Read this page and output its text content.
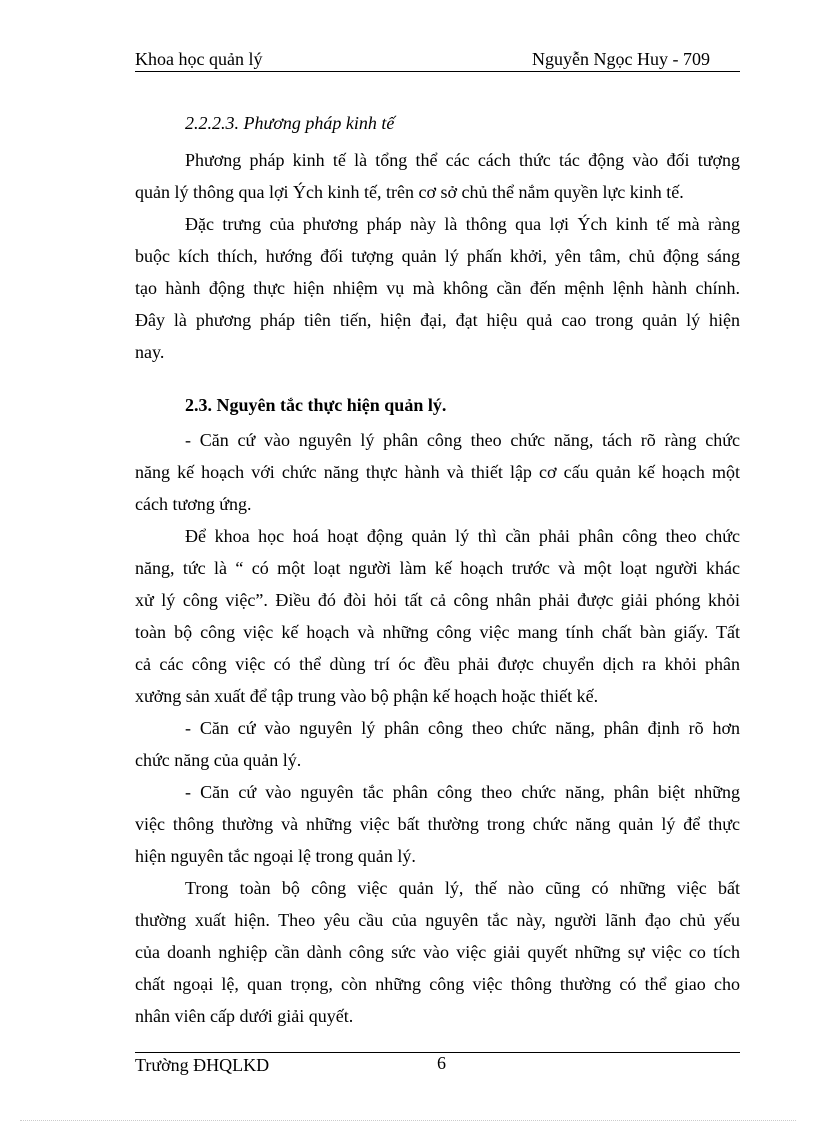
Khoa học quản lý	Nguyễn Ngọc Huy - 709
2.2.2.3. Phương pháp kinh tế
Phương pháp kinh tế là tổng thể các cách thức tác động vào đối tượng
quản lý thông qua lợi Ých kinh tế, trên cơ sở chủ thể nắm quyền lực kinh tế.
Đặc trưng của phương pháp này là thông qua lợi Ých kinh tế mà ràng
buộc kích thích, hướng đối tượng quản lý phấn khởi, yên tâm, chủ động sáng
tạo hành động thực hiện nhiệm vụ mà không cần đến mệnh lệnh hành chính.
Đây là phương pháp tiên tiến, hiện đại, đạt hiệu quả cao trong quản lý hiện
nay.
2.3. Nguyên tắc thực hiện quản lý.
- Căn cứ vào nguyên lý phân công theo chức năng, tách rõ ràng chức
năng kế hoạch với chức năng thực hành và thiết lập cơ cấu quản kế hoạch một
cách tương ứng.
Để khoa học hoá hoạt động quản lý thì cần phải phân công theo chức
năng, tức là “ có một loạt người làm kế hoạch trước và một loạt người khác
xử lý công việc”. Điều đó đòi hỏi tất cả công nhân phải được giải phóng khỏi
toàn bộ công việc kế hoạch và những công việc mang tính chất bàn giấy. Tất
cả các công việc có thể dùng trí óc đều phải được chuyển dịch ra khỏi phân
xưởng sản xuất để tập trung vào bộ phận kế hoạch hoặc thiết kế.
- Căn cứ vào nguyên lý phân công theo chức năng, phân định rõ hơn
chức năng của quản lý.
- Căn cứ vào nguyên tắc phân công theo chức năng, phân biệt những
việc thông thường và những việc bất thường trong chức năng quản lý để thực
hiện nguyên tắc ngoại lệ trong quản lý.
Trong toàn bộ công việc quản lý, thế nào cũng có những việc bất
thường xuất hiện. Theo yêu cầu của nguyên tắc này, người lãnh đạo chủ yếu
của doanh nghiệp cần dành công sức vào việc giải quyết những sự việc co tích
chất ngoại lệ, quan trọng, còn những công việc thông thường có thể giao cho
nhân viên cấp dưới giải quyết.
Trường ĐHQLKD	6
